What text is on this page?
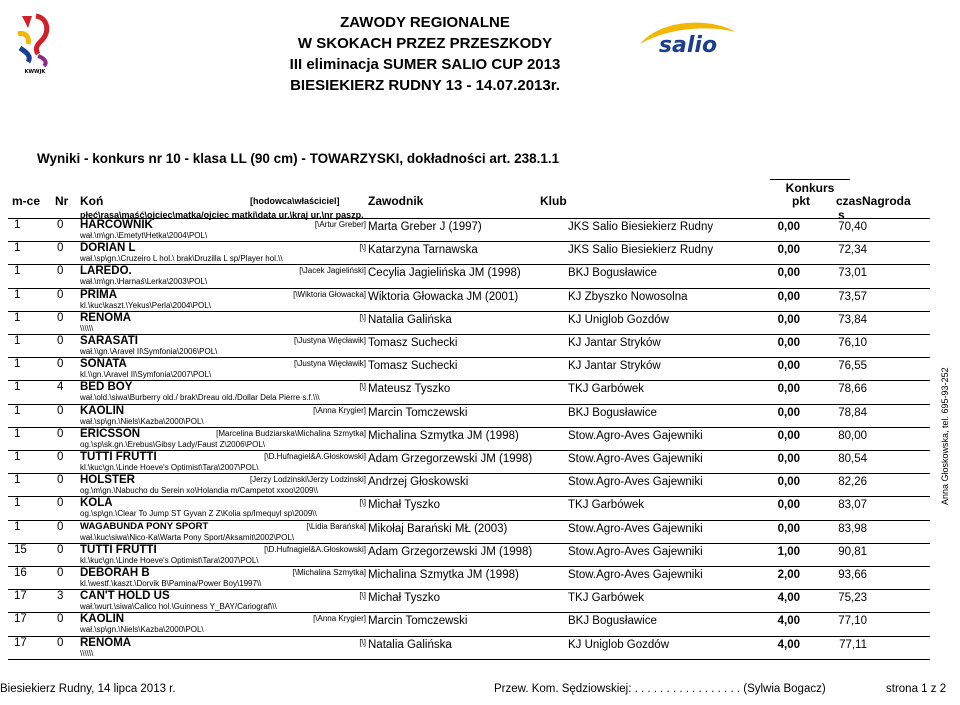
KWWJK
ZAWODY REGIONALNE
W SKOKACH PRZEZ PRZESZKODY
III eliminacja SUMER SALIO CUP 2013
BIESIEKIERZ RUDNY 13 - 14.07.2013r.
salio
Wyniki - konkurs nr 10 - klasa LL (90 cm) - TOWARZYSKI, dokładności art. 238.1.1
Konkurs
m-ce Nr Koń	[hodowca\właściciel] Zawodnik	Klub	pkt czas Nagroda
płeć\rasa\maść\ojciec\matka/ojciec matki\data ur.\kraj ur.\nr paszp.	s
1	0 HARCOWNIK	Marta Greber J (1997)	JKS Salio Biesiekierz Rudny	0,00	70,40
[\Artur Greber]
wał.\m\gn.\Emetyt\Hetka\2004\POL\
1	0 DORIAN L	Katarzyna Tarnawska	JKS Salio Biesiekierz Rudny	0,00	72,34
[\]
wał.\sp\gn.\Cruzeiro L hol.\ brak\Druzilla L sp/Player hol.\\
1	0 LAREDO.	Cecylia Jagielińska JM (1998)	BKJ Bogusławice	0,00	73,01
[\Jacek Jagieliński]
wał.\m\gn.\Harnaś\Lerka\2003\POL\
1	0 PRIMA	Wiktoria Głowacka JM (2001)	KJ Zbyszko Nowosolna	0,00	73,57
[\Wiktoria Głowacka]
kl.\kuc\kaszt.\Yekus\Perla\2004\POL\
1	0 RENOMA	Natalia Galińska	KJ Uniglob Gozdów	0,00	73,84
[\]
\\\\\\
1	0 SARASATI	Tomasz Suchecki	KJ Jantar Stryków	0,00	76,10
[\Justyna Więcławik]
wał.\\gn.\Aravel II\Symfonia\2006\POL\
1	0 SONATA	Tomasz Suchecki	KJ Jantar Stryków	0,00	76,55
[\Justyna Więcławik]
kl.\\gn.\Aravel II\Symfonia\2007\POL\
1	4 BED BOY	Mateusz Tyszko	TKJ Garbówek	0,00	78,66
[\]
wał.\old.\siwa\Burberry old./ brak\Dreau old./Dollar Dela Pierre s.f.\\\
1	0 KAOLIN	Marcin Tomczewski	BKJ Bogusławice	0,00	78,84
[\Anna Krygier]
wał.\sp\gn.\Niels\Kazba\2000\POL\
1	0 ERICSSON	Michalina Szmytka JM (1998)	Stow.Agro-Aves Gajewniki	0,00	80,00
[Marcelina Budziarska\Michalina Szmytka]
og.\sp\sk.gn.\Erebus\Gibsy Lady/Faust Z\2006\POL\
1	0 TUTTI FRUTTI	Adam Grzegorzewski JM (1998)	Stow.Agro-Aves Gajewniki	0,00	80,54
[\D.Hufnagiel&A.Głoskowski]
kl.\kuc\gn.\Linde Hoeve's Optimist\Tara\2007\POL\
1	0 HOLSTER	Andrzej Głoskowski	Stow.Agro-Aves Gajewniki	0,00	82,26
[Jerzy Lodzinski\Jerzy Lodzinski]
og.\m\gn.\Nabucho du Serein xo\Holandia m/Campetot xxoo\2009\\
1	0 KOLA	Michał Tyszko	TKJ Garbówek	0,00	83,07
[\]
og.\sp\gn.\Clear To Jump ST Gyvan Z Z\Kolia sp/Imequyl sp\2009\\
1	0 WAGABUNDA PONY SPORT	Mikołaj Barański MŁ (2003)	Stow.Agro-Aves Gajewniki	0,00	83,98
[\Lidia Barańska]
wał.\kuc\siwa\Nico-Ka\Warta Pony Sport/Aksamit\2002\POL\
15	0 TUTTI FRUTTI	Adam Grzegorzewski JM (1998)	Stow.Agro-Aves Gajewniki	1,00	90,81
[\D.Hufnagiel&A.Głoskowski]
kl.\kuc\gn.\Linde Hoeve's Optimist\Tara\2007\POL\
16	0 DEBORAH B	Michalina Szmytka JM (1998)	Stow.Agro-Aves Gajewniki	2,00	93,66
[\Michalina Szmytka]
kl.\westf.\kaszt.\Dorvik B\Pamina/Power Boy\1997\\
17	3 CAN'T HOLD US	Michał Tyszko	TKJ Garbówek	4,00	75,23
[\]
wał.\wurt.\siwa\Calico hol.\Guinness Y_BAY/Cariograf\\\
17	0 KAOLIN	Marcin Tomczewski	BKJ Bogusławice	4,00	77,10
[\Anna Krygier]
wał.\sp\gn.\Niels\Kazba\2000\POL\
17	0 RENOMA	Natalia Galińska	KJ Uniglob Gozdów	4,00	77,11
[\]
\\\\\\
Anna Głoskowska, tel. 695-93-252
Biesiekierz Rudny, 14 lipca 2013 r.	Przew. Kom. Sędziowskiej: . . . . . . . . . . . . . . . . . (Sylwia Bogacz)	strona 1 z 2
